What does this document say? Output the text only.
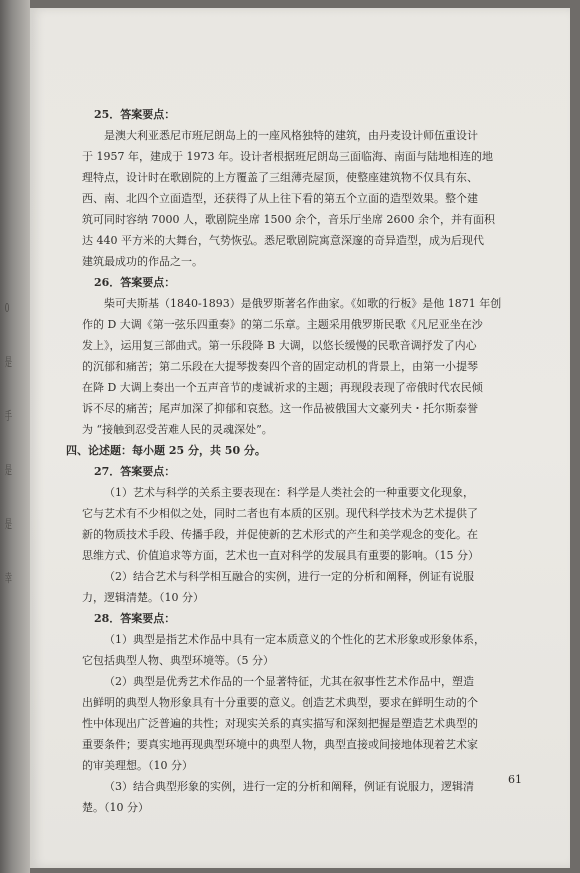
0
是
手
是
是
幸

25．答案要点：

是澳大利亚悉尼市班尼朗岛上的一座风格独特的建筑，由丹麦设计师伍重设计

于 1957 年，建成于 1973 年。设计者根据班尼朗岛三面临海、南面与陆地相连的地

理特点，设计时在歌剧院的上方覆盖了三组薄壳屋顶，使整座建筑物不仅具有东、

西、南、北四个立面造型，还获得了从上往下看的第五个立面的造型效果。整个建

筑可同时容纳 7000 人，歌剧院坐席 1500 余个，音乐厅坐席 2600 余个，并有面积

达 440 平方米的大舞台，气势恢弘。悉尼歌剧院寓意深邃的奇异造型，成为后现代

建筑最成功的作品之一。

26．答案要点：

柴可夫斯基（1840-1893）是俄罗斯著名作曲家。《如歌的行板》是他 1871 年创

作的 D 大调《第一弦乐四重奏》的第二乐章。主题采用俄罗斯民歌《凡尼亚坐在沙

发上》，运用复三部曲式。第一乐段降 B 大调，以悠长缓慢的民歌音调抒发了内心

的沉郁和痛苦；第二乐段在大提琴拨奏四个音的固定动机的背景上，由第一小提琴

在降 D 大调上奏出一个五声音节的虔诚祈求的主题；再现段表现了帝俄时代农民倾

诉不尽的痛苦；尾声加深了抑郁和哀愁。这一作品被俄国大文豪列夫・托尔斯泰誉

为 “接触到忍受苦难人民的灵魂深处”。

四、论述题：每小题 25 分，共 50 分。

27．答案要点：

（1）艺术与科学的关系主要表现在：科学是人类社会的一种重要文化现象，

它与艺术有不少相似之处，同时二者也有本质的区别。现代科学技术为艺术提供了

新的物质技术手段、传播手段，并促使新的艺术形式的产生和美学观念的变化。在

思维方式、价值追求等方面，艺术也一直对科学的发展具有重要的影响。（15 分）

（2）结合艺术与科学相互融合的实例，进行一定的分析和阐释，例证有说服

力，逻辑清楚。（10 分）

28．答案要点：

（1）典型是指艺术作品中具有一定本质意义的个性化的艺术形象或形象体系，

它包括典型人物、典型环境等。（5 分）

（2）典型是优秀艺术作品的一个显著特征，尤其在叙事性艺术作品中，塑造

出鲜明的典型人物形象具有十分重要的意义。创造艺术典型，要求在鲜明生动的个

性中体现出广泛普遍的共性；对现实关系的真实描写和深刻把握是塑造艺术典型的

重要条件；要真实地再现典型环境中的典型人物，典型直接或间接地体现着艺术家

的审美理想。（10 分）

（3）结合典型形象的实例，进行一定的分析和阐释，例证有说服力，逻辑清

楚。（10 分）

61
